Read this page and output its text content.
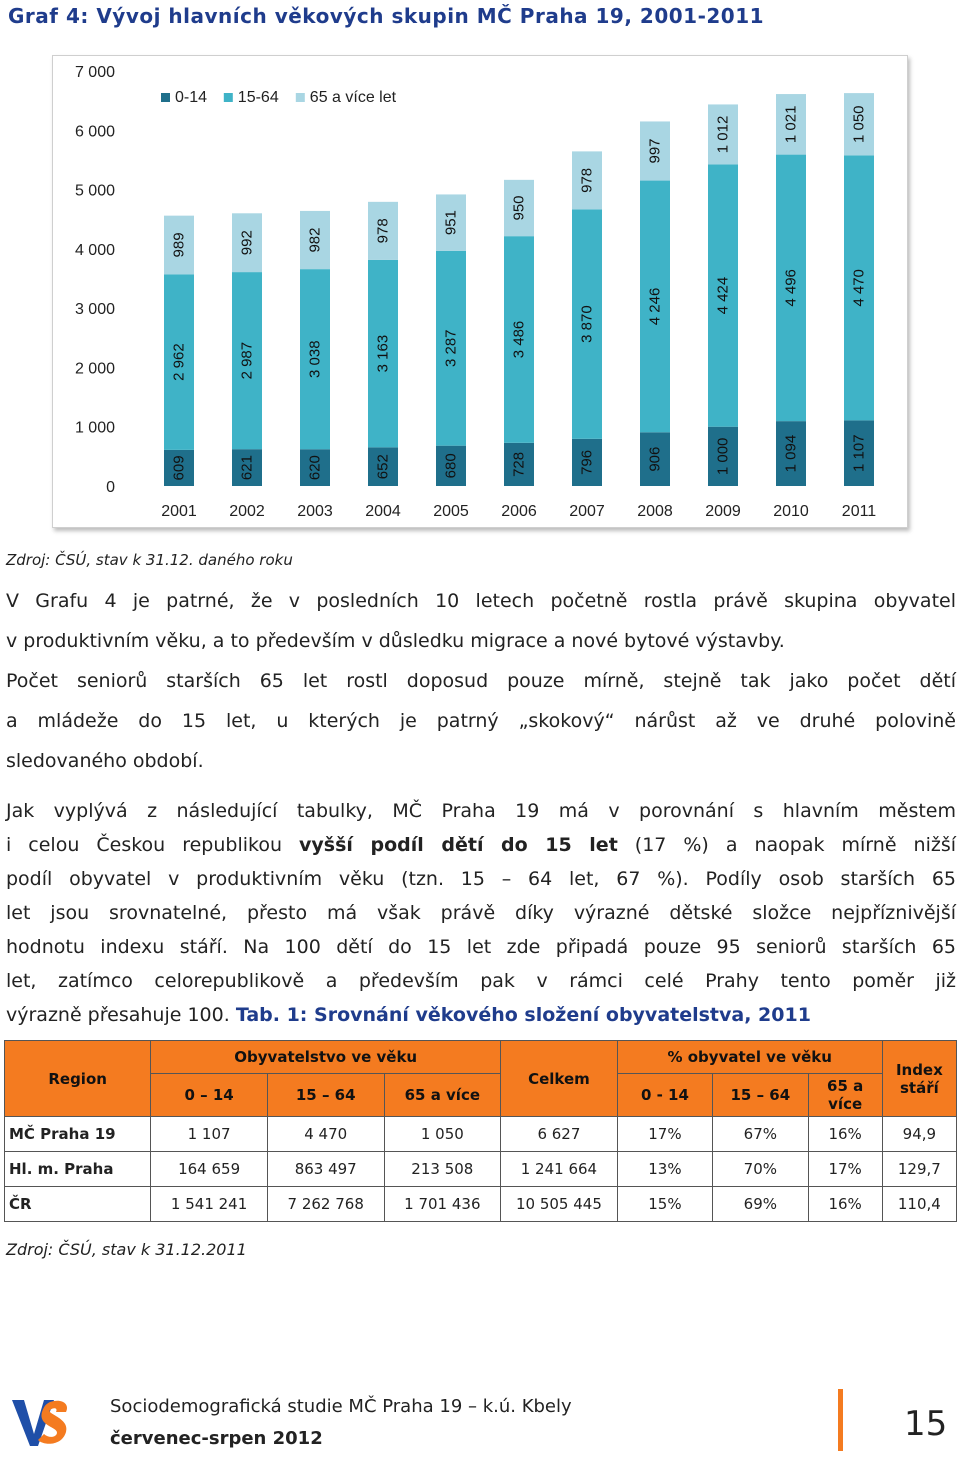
Graf 4: Vývoj hlavních věkových skupin MČ Praha 19, 2001-2011
0
1 000
2 000
3 000
4 000
5 000
6 000
7 000
609
2 962
989
2001
621
2 987
992
2002
620
3 038
982
2003
652
3 163
978
2004
680
3 287
951
2005
728
3 486
950
2006
796
3 870
978
2007
906
4 246
997
2008
1 000
4 424
1 012
2009
1 094
4 496
1 021
2010
1 107
4 470
1 050
2011
0-14 15-64 65 a více let
Zdroj: ČSÚ, stav k 31.12. daného roku
V Grafu 4 je patrné, že v posledních 10 letech početně rostla právě skupina obyvatel
v produktivním věku, a to především v důsledku migrace a nové bytové výstavby.
Počet seniorů starších 65 let rostl doposud pouze mírně, stejně tak jako počet dětí
a mládeže do 15 let, u kterých je patrný „skokový“ nárůst až ve druhé polovině
sledovaného období.
Jak vyplývá z následující tabulky, MČ Praha 19 má v porovnání s hlavním městem
i celou Českou republikou vyšší podíl dětí do 15 let (17 %) a naopak mírně nižší
podíl obyvatel v produktivním věku (tzn. 15 – 64 let, 67 %). Podíly osob starších 65
let jsou srovnatelné, přesto má však právě díky výrazné dětské složce nejpříznivější
hodnotu indexu stáří. Na 100 dětí do 15 let zde připadá pouze 95 seniorů starších 65
let, zatímco celorepublikově a především pak v rámci celé Prahy tento poměr již
výrazně přesahuje 100. Tab. 1: Srovnání věkového složení obyvatelstva, 2011
Region	Obyvatelstvo ve věku			Celkem	% obyvatel ve věku			Index stáří
	0 – 14	15 – 64	65 a více		0 - 14	15 – 64	65 a více	
MČ Praha 19	1 107	4 470	1 050	6 627	17%	67%	16%	94,9
Hl. m. Praha	164 659	863 497	213 508	1 241 664	13%	70%	17%	129,7
ČR	1 541 241	7 262 768	1 701 436	10 505 445	15%	69%	16%	110,4
Zdroj: ČSÚ, stav k 31.12.2011
Sociodemografická studie MČ Praha 19 – k.ú. Kbely
červenec-srpen 2012	15
